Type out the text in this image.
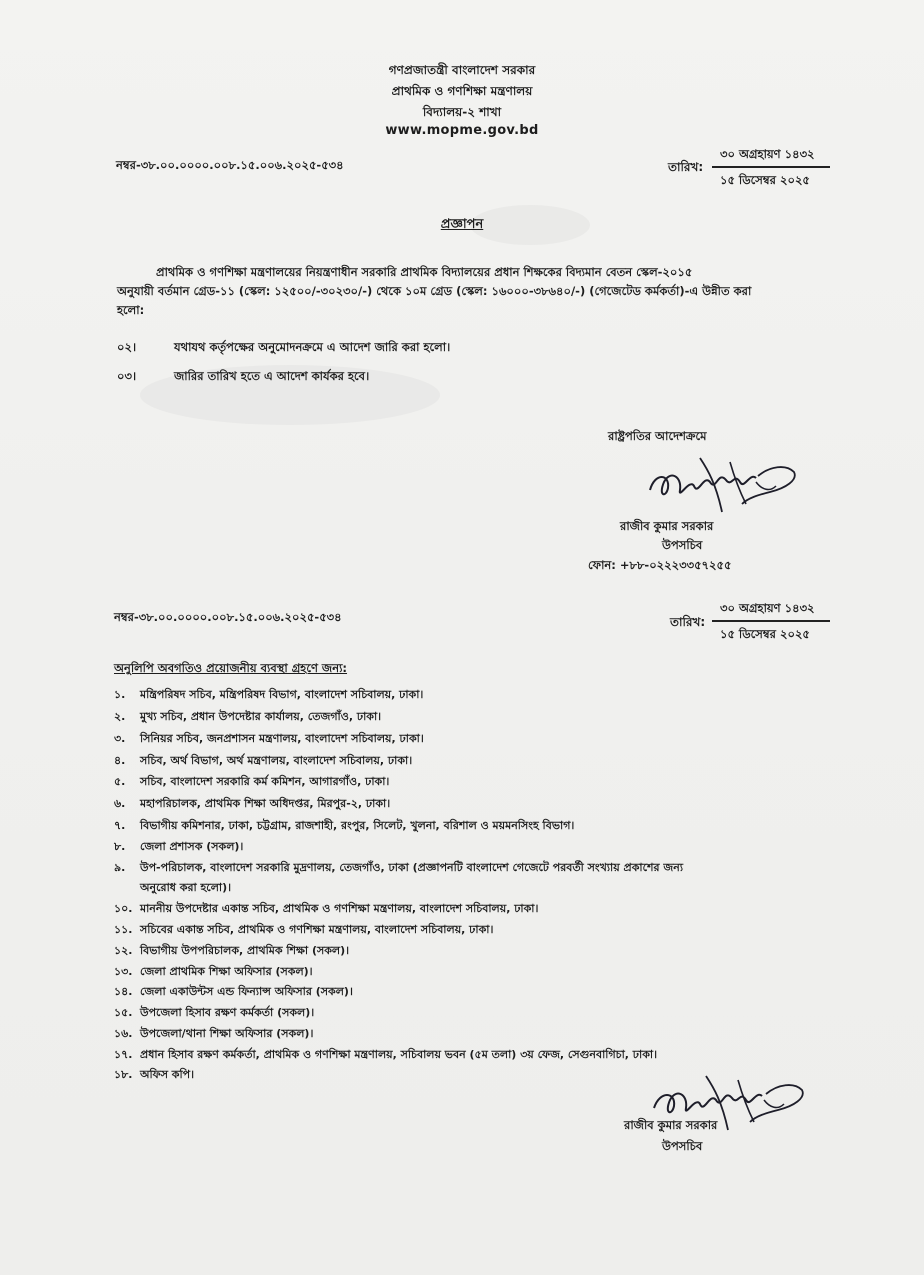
গণপ্রজাতন্ত্রী বাংলাদেশ সরকার
প্রাথমিক ও গণশিক্ষা মন্ত্রণালয়
বিদ্যালয়-২ শাখা
www.mopme.gov.bd
নম্বর-৩৮.০০.০০০০.০০৮.১৫.০০৬.২০২৫-৫৩৪	তারিখ:
৩০ অগ্রহায়ণ ১৪৩২
১৫ ডিসেম্বর ২০২৫
প্রজ্ঞাপন
প্রাথমিক ও গণশিক্ষা মন্ত্রণালয়ের নিয়ন্ত্রণাধীন সরকারি প্রাথমিক বিদ্যালয়ের প্রধান শিক্ষকের বিদ্যমান বেতন স্কেল-২০১৫
অনুযায়ী বর্তমান গ্রেড-১১ (স্কেল: ১২৫০০/-৩০২৩০/-) থেকে ১০ম গ্রেড (স্কেল: ১৬০০০-৩৮৬৪০/-) (গেজেটেড কর্মকর্তা)-এ উন্নীত করা
হলো:
০২।	যথাযথ কর্তৃপক্ষের অনুমোদনক্রমে এ আদেশ জারি করা হলো।
০৩।	জারির তারিখ হতে এ আদেশ কার্যকর হবে।
রাষ্ট্রপতির আদেশক্রমে
রাজীব কুমার সরকার
উপসচিব
ফোন: +৮৮-০২২২৩৩৫৭২৫৫
নম্বর-৩৮.০০.০০০০.০০৮.১৫.০০৬.২০২৫-৫৩৪	তারিখ:
৩০ অগ্রহায়ণ ১৪৩২
১৫ ডিসেম্বর ২০২৫
অনুলিপি অবগতিও প্রয়োজনীয় ব্যবস্থা গ্রহণে জন্য:
১. মন্ত্রিপরিষদ সচিব, মন্ত্রিপরিষদ বিভাগ, বাংলাদেশ সচিবালয়, ঢাকা।
২. মুখ্য সচিব, প্রধান উপদেষ্টার কার্যালয়, তেজগাঁও, ঢাকা।
৩. সিনিয়র সচিব, জনপ্রশাসন মন্ত্রণালয়, বাংলাদেশ সচিবালয়, ঢাকা।
৪. সচিব, অর্থ বিভাগ, অর্থ মন্ত্রণালয়, বাংলাদেশ সচিবালয়, ঢাকা।
৫. সচিব, বাংলাদেশ সরকারি কর্ম কমিশন, আগারগাঁও, ঢাকা।
৬. মহাপরিচালক, প্রাথমিক শিক্ষা অধিদপ্তর, মিরপুর-২, ঢাকা।
৭. বিভাগীয় কমিশনার, ঢাকা, চট্টগ্রাম, রাজশাহী, রংপুর, সিলেট, খুলনা, বরিশাল ও ময়মনসিংহ বিভাগ।
৮. জেলা প্রশাসক (সকল)।
৯. উপ-পরিচালক, বাংলাদেশ সরকারি মুদ্রণালয়, তেজগাঁও, ঢাকা (প্রজ্ঞাপনটি বাংলাদেশ গেজেটে পরবর্তী সংখ্যায় প্রকাশের জন্য
অনুরোধ করা হলো)।
১০. মাননীয় উপদেষ্টার একান্ত সচিব, প্রাথমিক ও গণশিক্ষা মন্ত্রণালয়, বাংলাদেশ সচিবালয়, ঢাকা।
১১. সচিবের একান্ত সচিব, প্রাথমিক ও গণশিক্ষা মন্ত্রণালয়, বাংলাদেশ সচিবালয়, ঢাকা।
১২. বিভাগীয় উপপরিচালক, প্রাথমিক শিক্ষা (সকল)।
১৩. জেলা প্রাথমিক শিক্ষা অফিসার (সকল)।
১৪. জেলা একাউন্টস এন্ড ফিন্যান্স অফিসার (সকল)।
১৫. উপজেলা হিসাব রক্ষণ কর্মকর্তা (সকল)।
১৬. উপজেলা/থানা শিক্ষা অফিসার (সকল)।
১৭. প্রধান হিসাব রক্ষণ কর্মকর্তা, প্রাথমিক ও গণশিক্ষা মন্ত্রণালয়, সচিবালয় ভবন (৫ম তলা) ৩য় ফেজ, সেগুনবাগিচা, ঢাকা।
১৮. অফিস কপি।
রাজীব কুমার সরকার
উপসচিব
